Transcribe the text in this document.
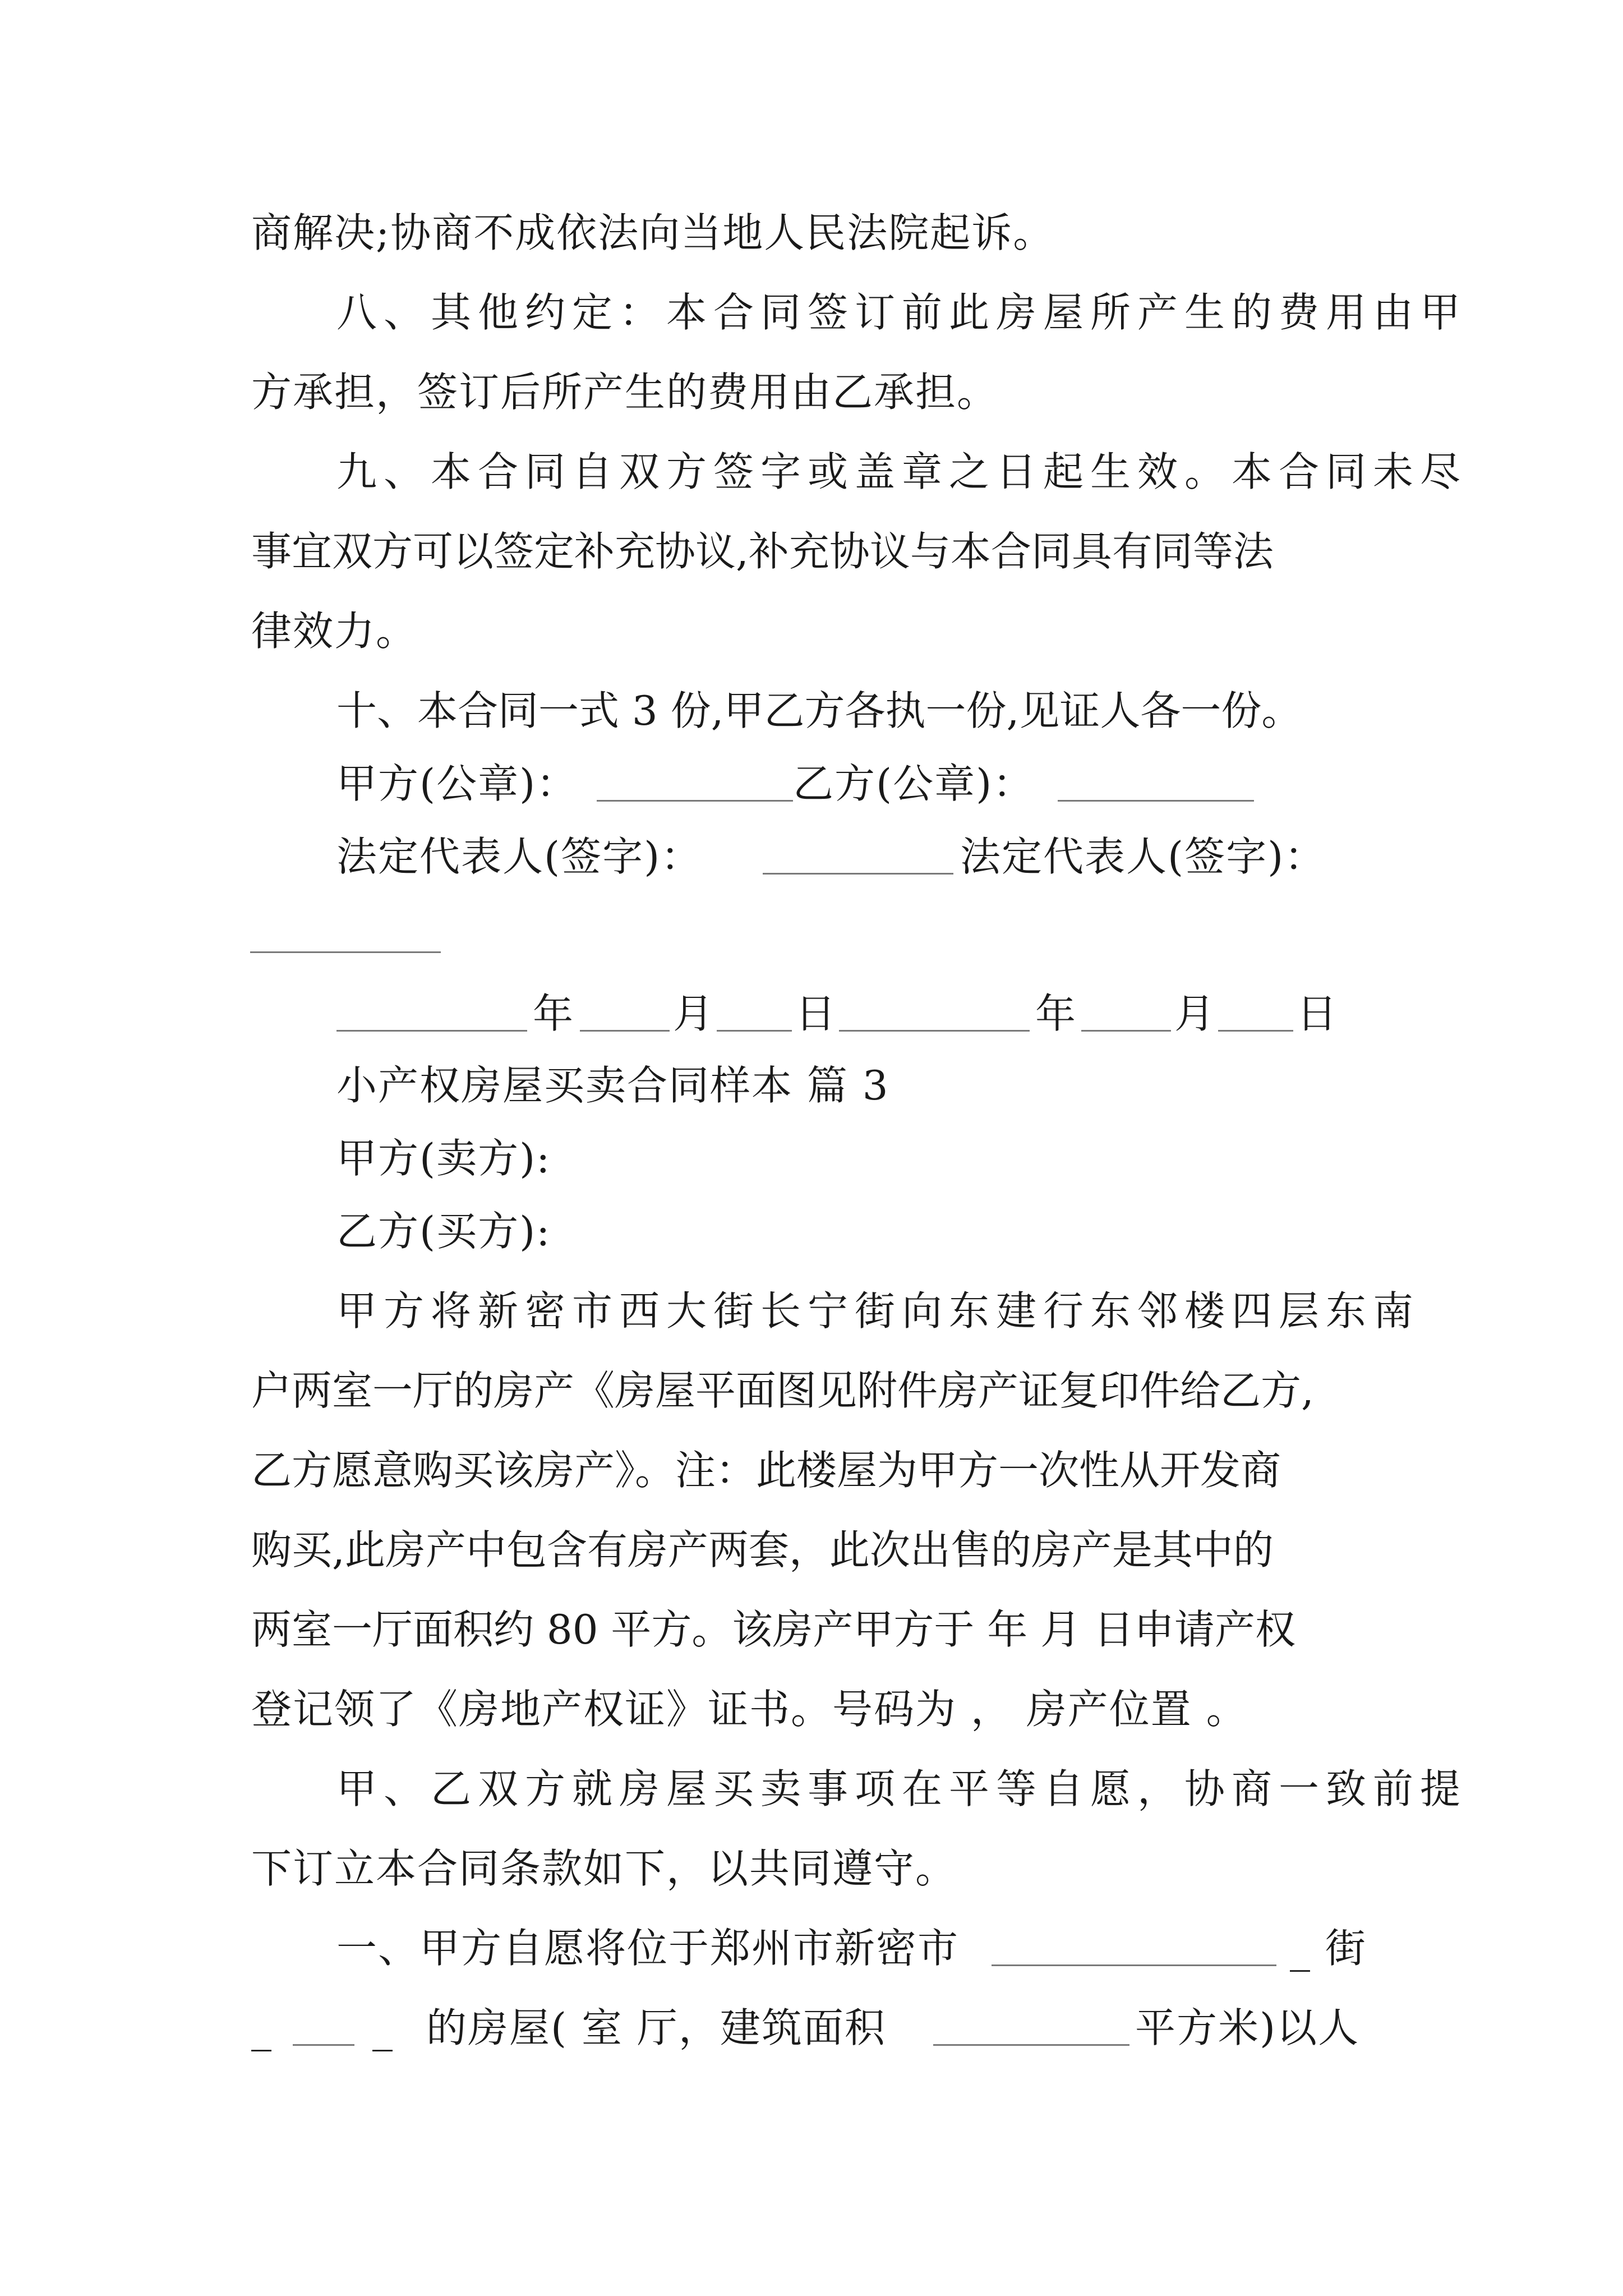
商解决;协商不成依法向当地人民法院起诉。
八、其他约定：本合同签订前此房屋所产生的费用由甲
方承担，签订后所产生的费用由乙承担。
九、本合同自双方签字或盖章之日起生效。本合同未尽
事宜双方可以签定补充协议,补充协议与本合同具有同等法
律效力。
十、本合同一式 3 份,甲乙方各执一份,见证人各一份。
甲方(公章)：	乙方(公章)：
法定代表人(签字)：	法定代表人(签字)：
年 月 日	年 月 日
小产权房屋买卖合同样本 篇 3
甲方(卖方):
乙方(买方):
甲方将新密市西大街长宁街向东建行东邻楼四层东南
户两室一厅的房产《房屋平面图见附件房产证复印件给乙方,
乙方愿意购买该房产》。注：此楼屋为甲方一次性从开发商
购买,此房产中包含有房产两套，此次出售的房产是其中的
两室一厅面积约 80 平方。该房产甲方于 年 月 日申请产权
登记领了《房地产权证》证书。号码为 ， 房产位置 。
甲、乙双方就房屋买卖事项在平等自愿，协商一致前提
下订立本合同条款如下，以共同遵守。
一、甲方自愿将位于郑州市新密市	_ 街
_ _ 的房屋( 室 厅，建筑面积	平方米)以人
